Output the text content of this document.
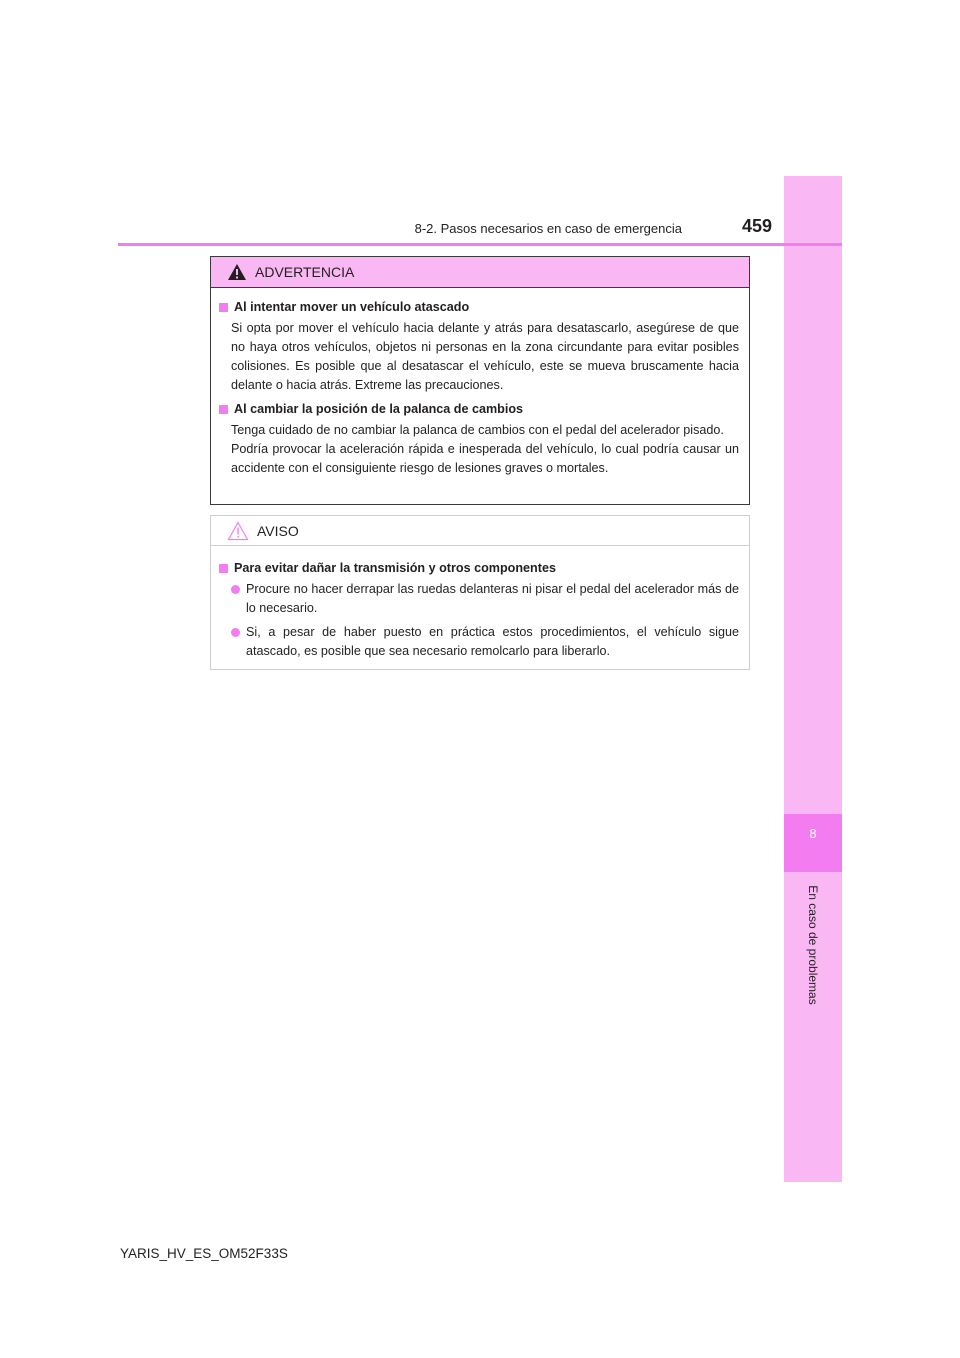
8
En caso de problemas
8-2. Pasos necesarios en caso de emergencia	459
ADVERTENCIA
Al intentar mover un vehículo atascado
Si opta por mover el vehículo hacia delante y atrás para desatascarlo, asegúrese de que no haya otros vehículos, objetos ni personas en la zona circundante para evitar posibles colisiones. Es posible que al desatascar el vehículo, este se mueva bruscamente hacia delante o hacia atrás. Extreme las precauciones.
Al cambiar la posición de la palanca de cambios
Tenga cuidado de no cambiar la palanca de cambios con el pedal del acelerador pisado.
Podría provocar la aceleración rápida e inesperada del vehículo, lo cual podría causar un accidente con el consiguiente riesgo de lesiones graves o mortales.
AVISO
Para evitar dañar la transmisión y otros componentes
Procure no hacer derrapar las ruedas delanteras ni pisar el pedal del acelerador más de lo necesario.
Si, a pesar de haber puesto en práctica estos procedimientos, el vehículo sigue atascado, es posible que sea necesario remolcarlo para liberarlo.
YARIS_HV_ES_OM52F33S
